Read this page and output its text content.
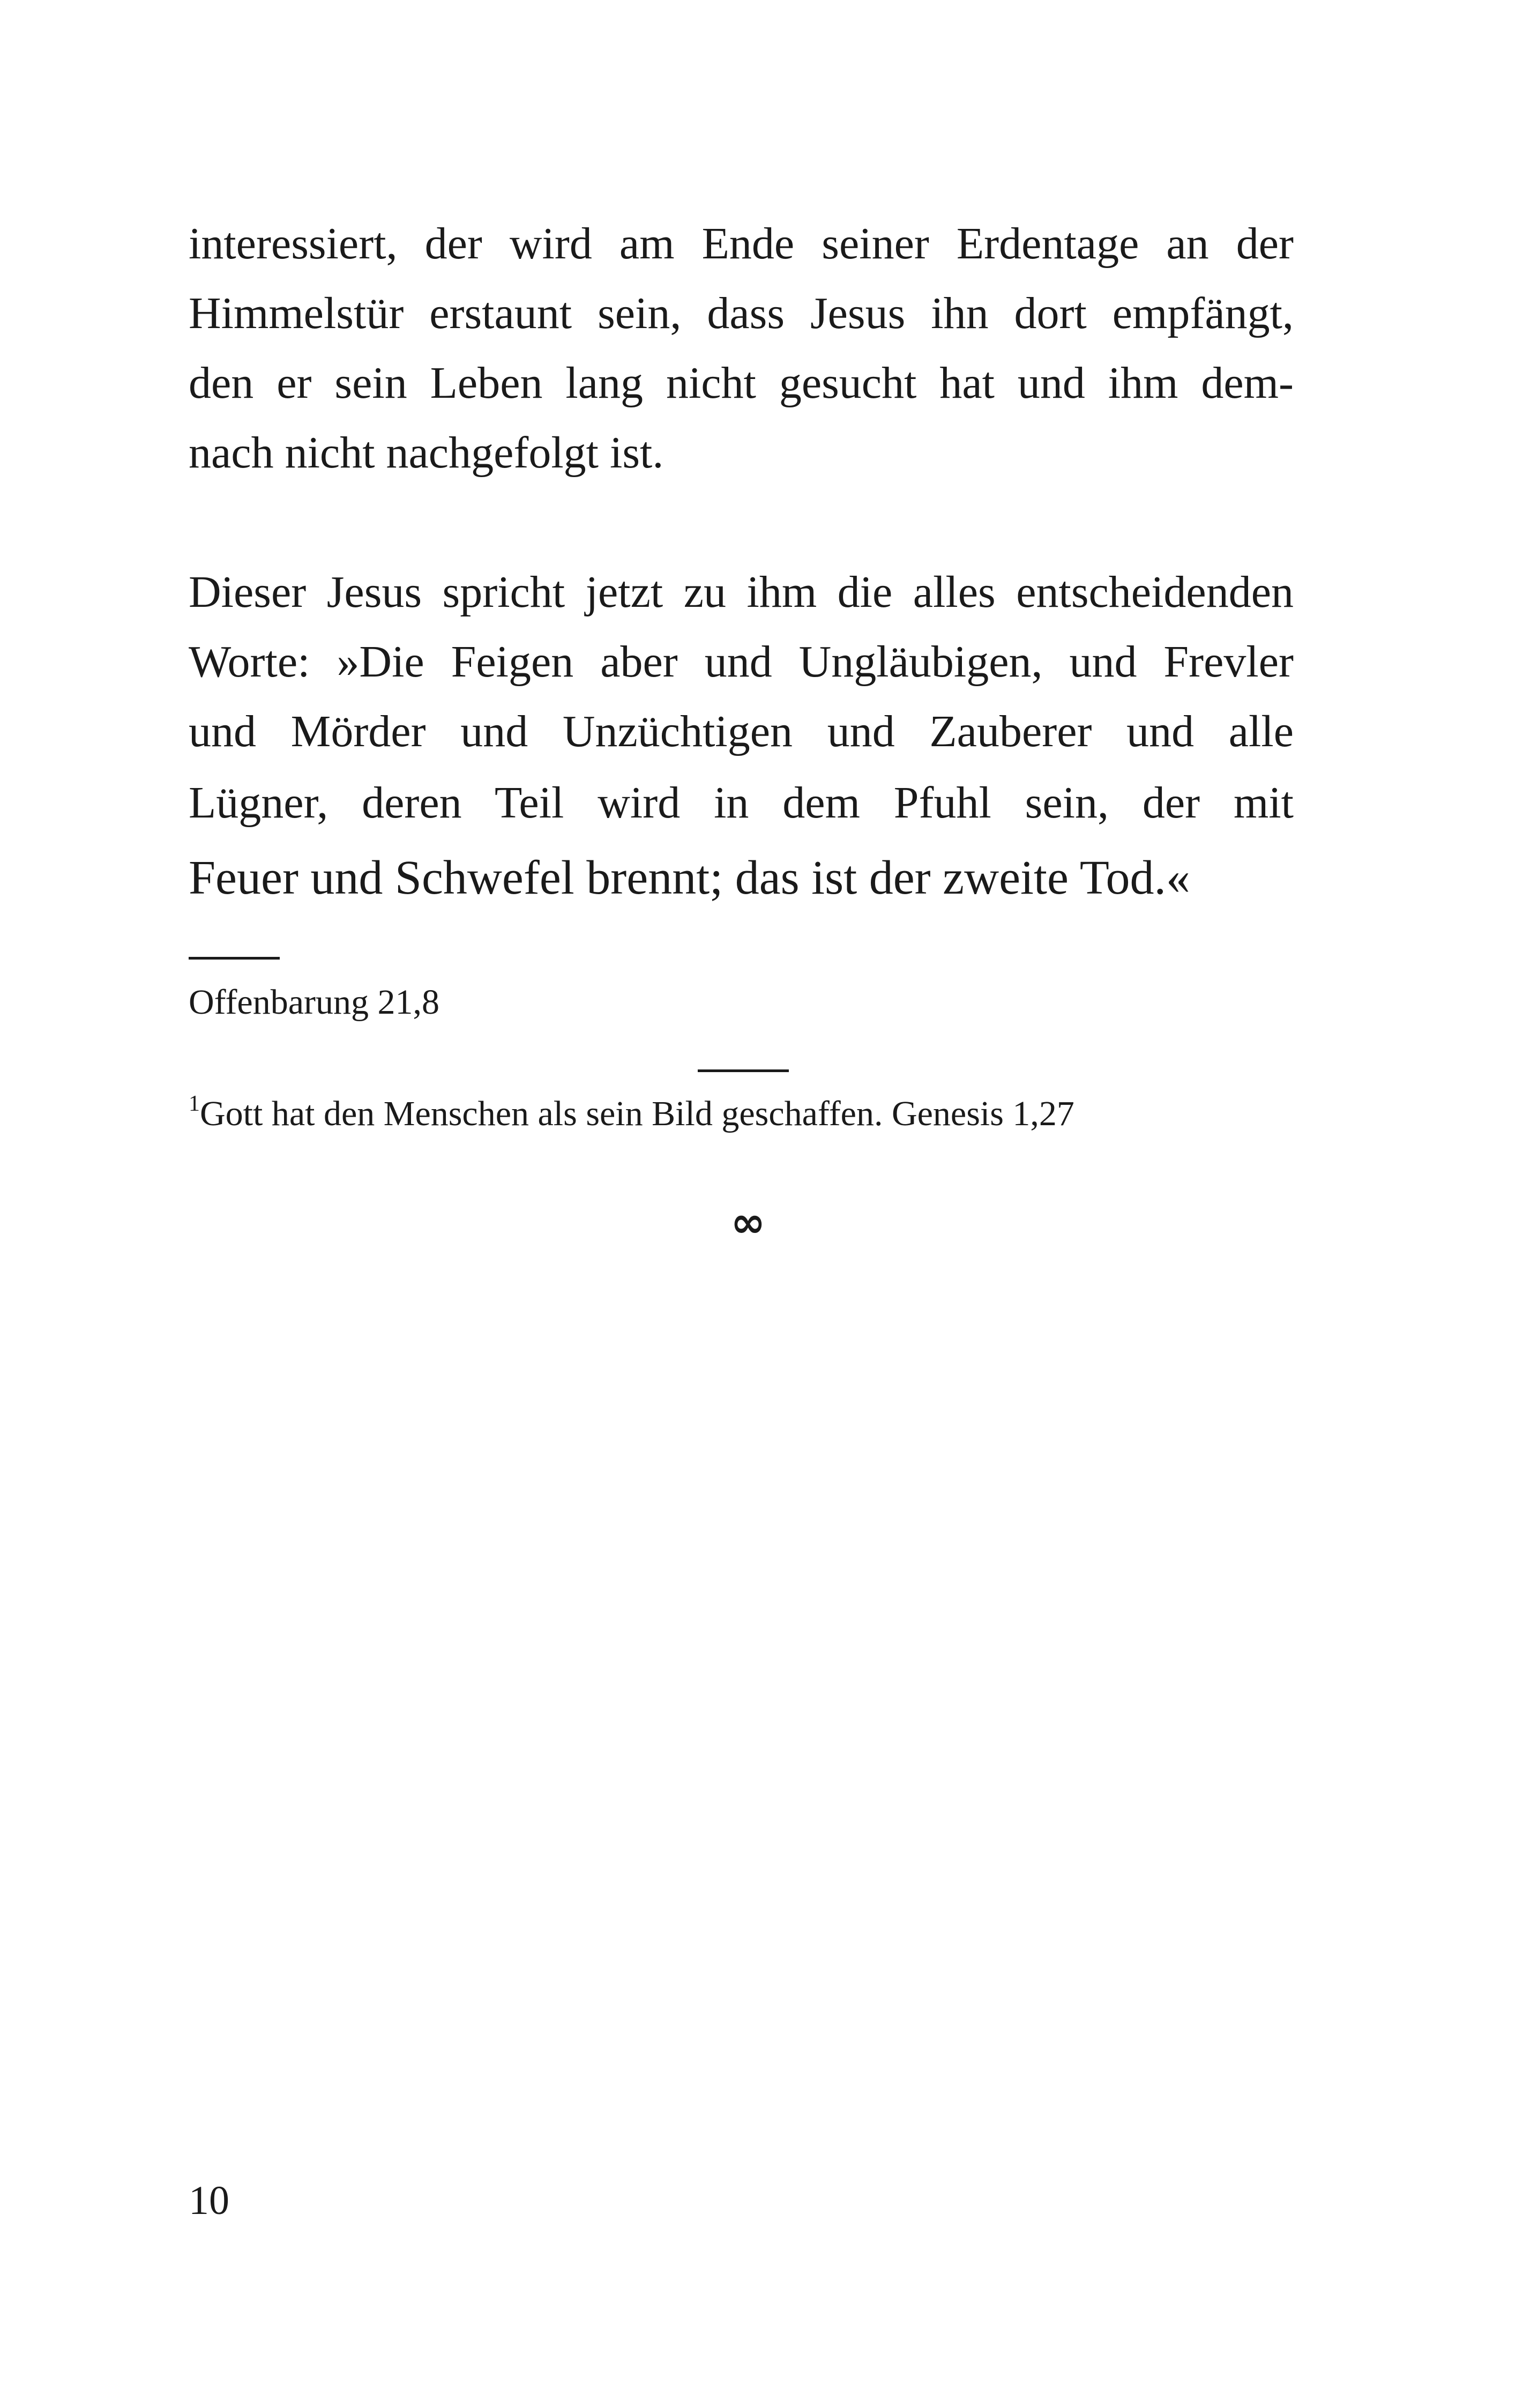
interessiert, der wird am Ende seiner Erdentage an der

Himmelstür erstaunt sein, dass Jesus ihn dort empfängt,

den er sein Leben lang nicht gesucht hat und ihm dem-

nach nicht nachgefolgt ist.

Dieser Jesus spricht jetzt zu ihm die alles entscheidenden

Worte: »Die Feigen aber und Ungläubigen, und Frevler

und Mörder und Unzüchtigen und Zauberer und alle

Lügner, deren Teil wird in dem Pfuhl sein, der mit

Feuer und Schwefel brennt; das ist der zweite Tod.«

Offenbarung 21,8

$^1$Gott hat den Menschen als sein Bild geschaffen. Genesis 1,27

∞

10
